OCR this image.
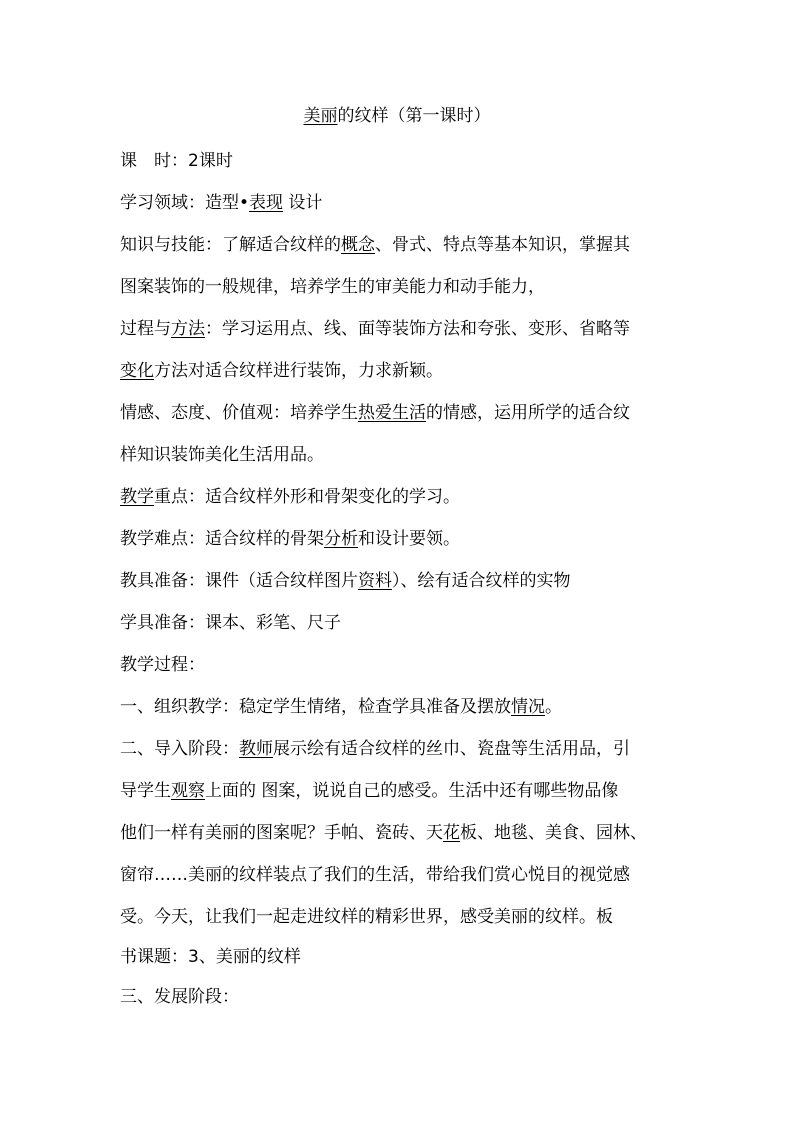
美丽的纹样（第一课时）
课　时：2课时
学习领域：造型•表现 设计
知识与技能：了解适合纹样的概念、骨式、特点等基本知识，掌握其
图案装饰的一般规律，培养学生的审美能力和动手能力，
过程与方法：学习运用点、线、面等装饰方法和夸张、变形、省略等
变化方法对适合纹样进行装饰，力求新颖。
情感、态度、价值观：培养学生热爱生活的情感，运用所学的适合纹
样知识装饰美化生活用品。
教学重点：适合纹样外形和骨架变化的学习。
教学难点：适合纹样的骨架分析和设计要领。
教具准备：课件（适合纹样图片资料）、绘有适合纹样的实物
学具准备：课本、彩笔、尺子
教学过程：
一、组织教学：稳定学生情绪，检查学具准备及摆放情况。
二、导入阶段：教师展示绘有适合纹样的丝巾、瓷盘等生活用品，引
导学生观察上面的 图案，说说自己的感受。生活中还有哪些物品像
他们一样有美丽的图案呢？手帕、瓷砖、天花板、地毯、美食、园林、
窗帘……美丽的纹样装点了我们的生活，带给我们赏心悦目的视觉感
受。今天，让我们一起走进纹样的精彩世界，感受美丽的纹样。板
书课题：3、美丽的纹样
三、发展阶段：
